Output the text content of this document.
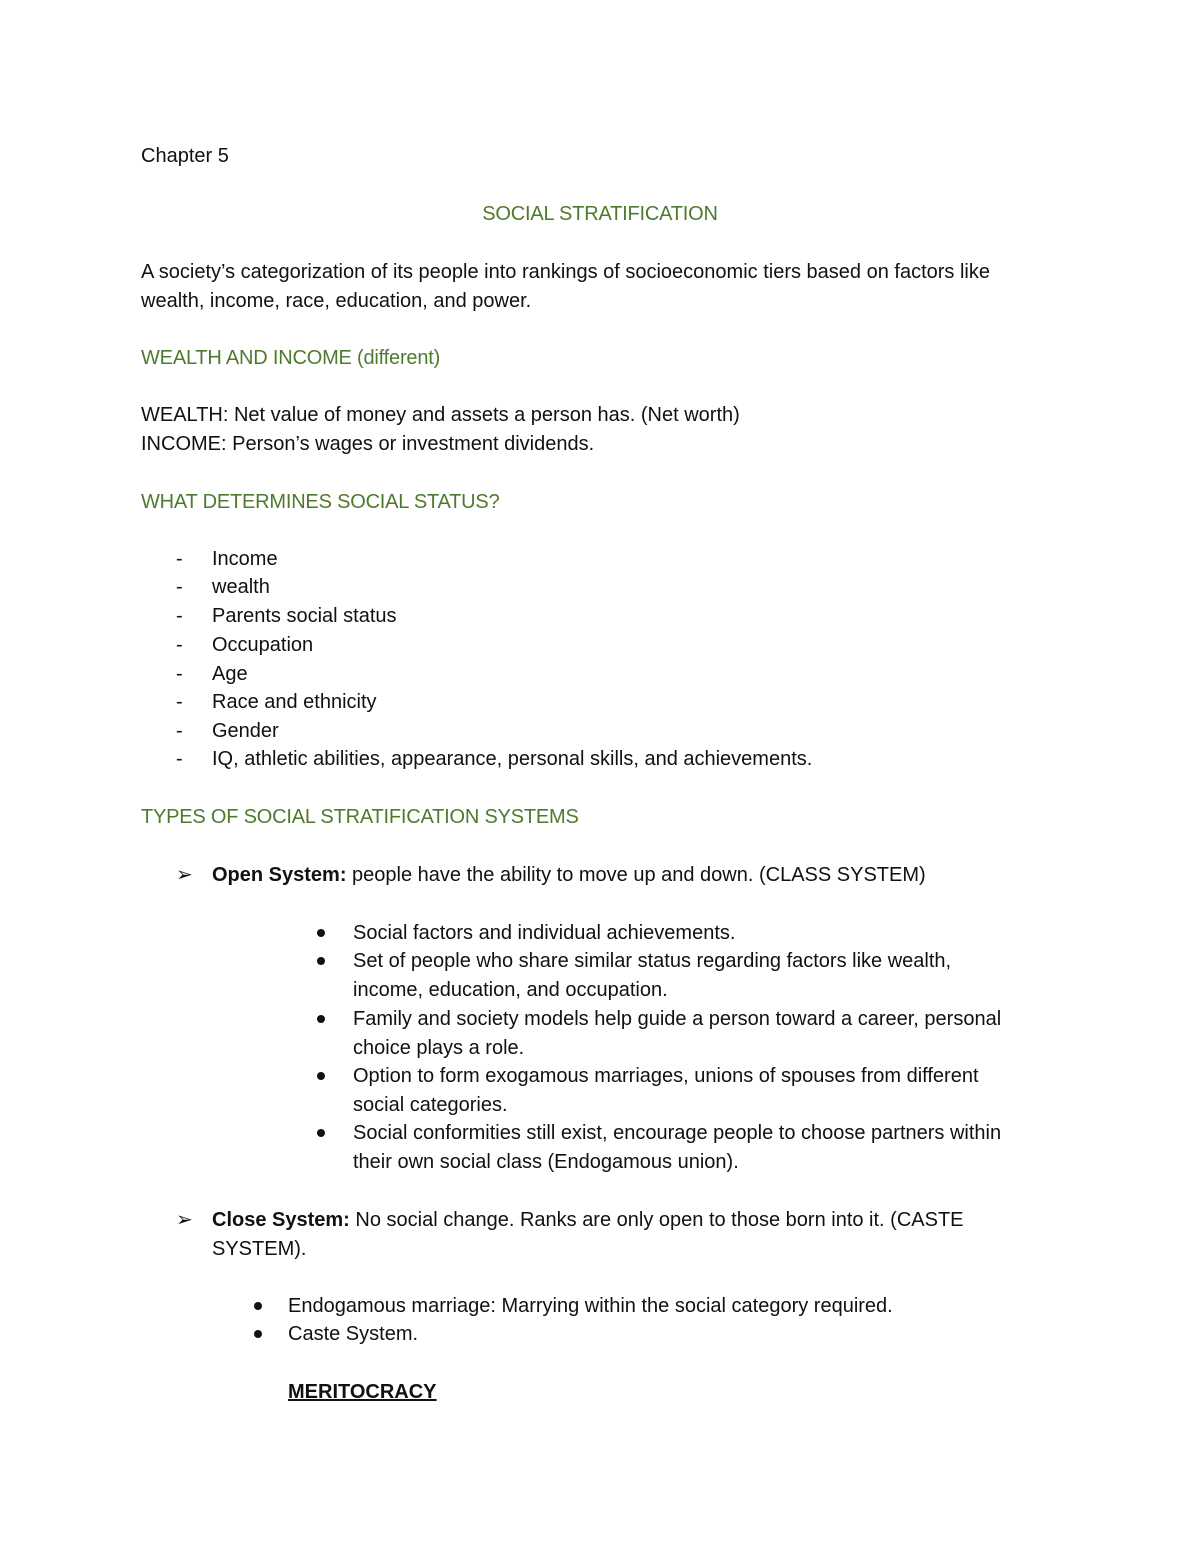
Chapter 5
SOCIAL STRATIFICATION
A society’s categorization of its people into rankings of socioeconomic tiers based on factors like
wealth, income, race, education, and power.
WEALTH AND INCOME (different)
WEALTH: Net value of money and assets a person has. (Net worth)
INCOME: Person’s wages or investment dividends.
WHAT DETERMINES SOCIAL STATUS?
- Income
- wealth
- Parents social status
- Occupation
- Age
- Race and ethnicity
- Gender
- IQ, athletic abilities, appearance, personal skills, and achievements.
TYPES OF SOCIAL STRATIFICATION SYSTEMS
➢ Open System: people have the ability to move up and down. (CLASS SYSTEM)
Social factors and individual achievements.
Set of people who share similar status regarding factors like wealth,
income, education, and occupation.
Family and society models help guide a person toward a career, personal
choice plays a role.
Option to form exogamous marriages, unions of spouses from different
social categories.
Social conformities still exist, encourage people to choose partners within
their own social class (Endogamous union).
➢ Close System: No social change. Ranks are only open to those born into it. (CASTE
SYSTEM).
Endogamous marriage: Marrying within the social category required.
Caste System.
MERITOCRACY
